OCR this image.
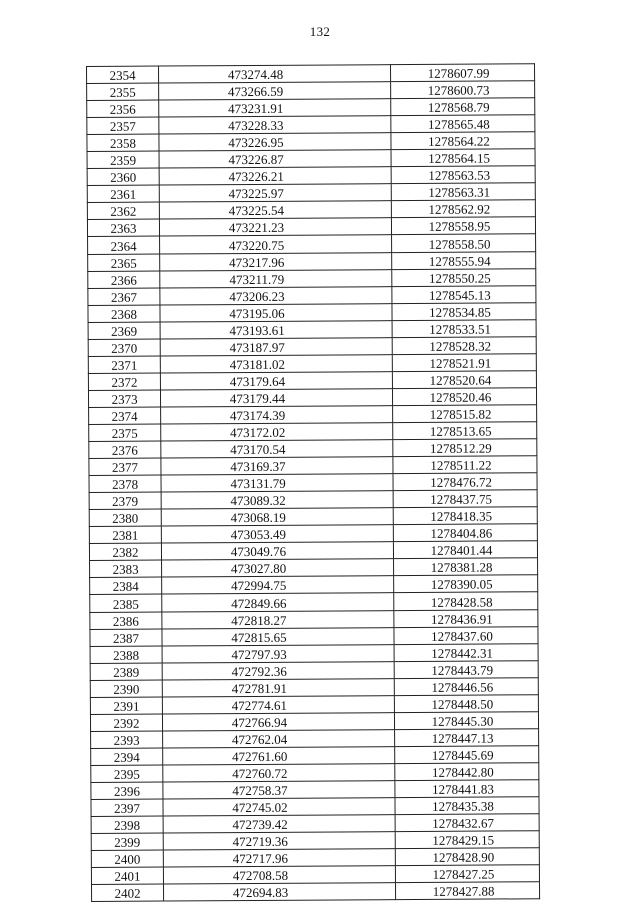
132
2354	473274.48	1278607.99
2355	473266.59	1278600.73
2356	473231.91	1278568.79
2357	473228.33	1278565.48
2358	473226.95	1278564.22
2359	473226.87	1278564.15
2360	473226.21	1278563.53
2361	473225.97	1278563.31
2362	473225.54	1278562.92
2363	473221.23	1278558.95
2364	473220.75	1278558.50
2365	473217.96	1278555.94
2366	473211.79	1278550.25
2367	473206.23	1278545.13
2368	473195.06	1278534.85
2369	473193.61	1278533.51
2370	473187.97	1278528.32
2371	473181.02	1278521.91
2372	473179.64	1278520.64
2373	473179.44	1278520.46
2374	473174.39	1278515.82
2375	473172.02	1278513.65
2376	473170.54	1278512.29
2377	473169.37	1278511.22
2378	473131.79	1278476.72
2379	473089.32	1278437.75
2380	473068.19	1278418.35
2381	473053.49	1278404.86
2382	473049.76	1278401.44
2383	473027.80	1278381.28
2384	472994.75	1278390.05
2385	472849.66	1278428.58
2386	472818.27	1278436.91
2387	472815.65	1278437.60
2388	472797.93	1278442.31
2389	472792.36	1278443.79
2390	472781.91	1278446.56
2391	472774.61	1278448.50
2392	472766.94	1278445.30
2393	472762.04	1278447.13
2394	472761.60	1278445.69
2395	472760.72	1278442.80
2396	472758.37	1278441.83
2397	472745.02	1278435.38
2398	472739.42	1278432.67
2399	472719.36	1278429.15
2400	472717.96	1278428.90
2401	472708.58	1278427.25
2402	472694.83	1278427.88
